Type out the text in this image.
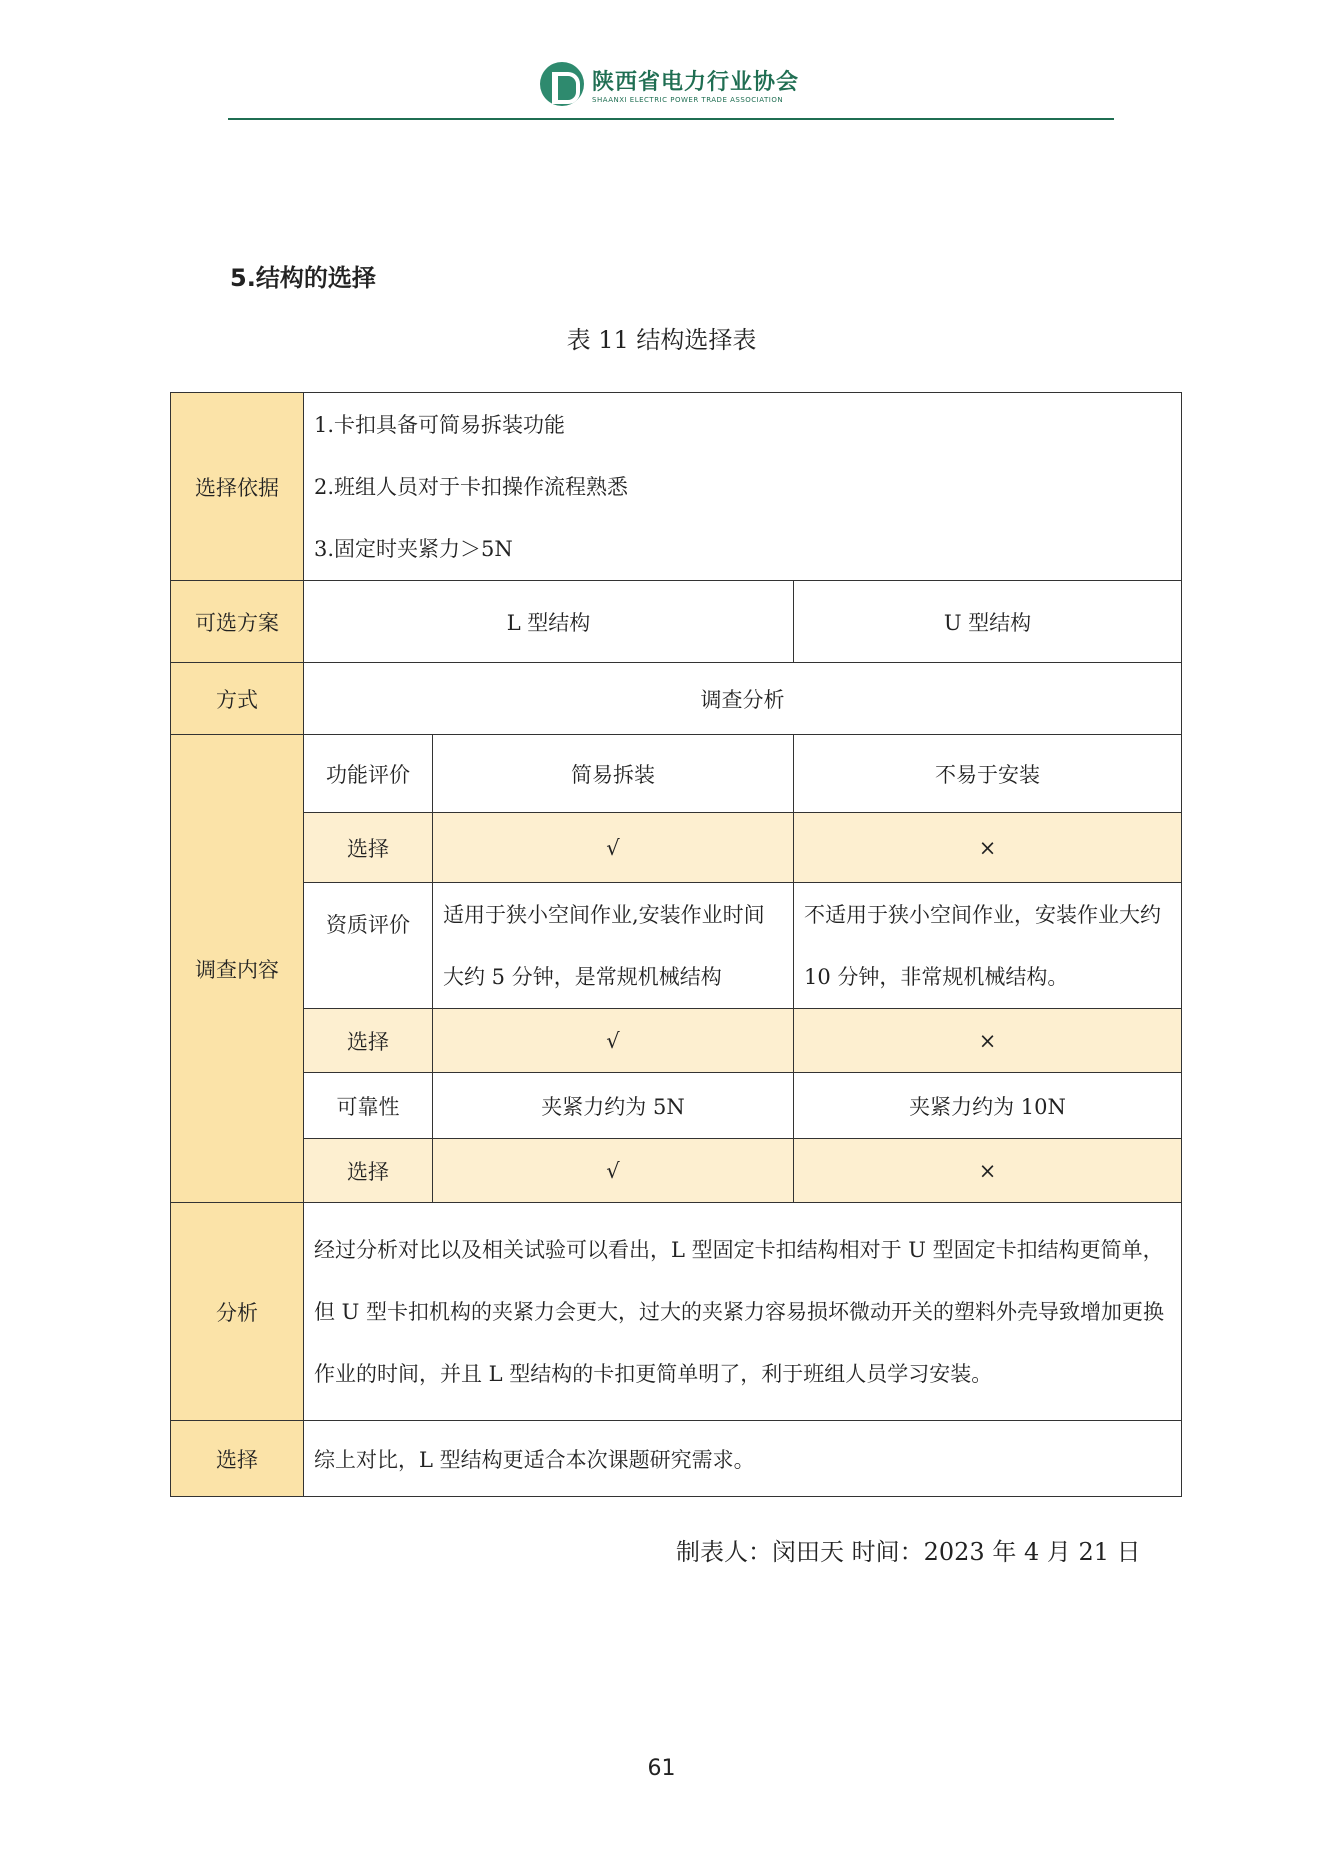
陕西省电力行业协会
SHAANXI ELECTRIC POWER TRADE ASSOCIATION
5.结构的选择
表 11 结构选择表
选择依据	1.卡扣具备可简易拆装功能
2.班组人员对于卡扣操作流程熟悉
3.固定时夹紧力＞5N		

可选方案	L 型结构		U 型结构
方式	调查分析		
调查内容	功能评价	简易拆装	不易于安装
	选择	√	×
	资质评价	适用于狭小空间作业,安装作业时间大约 5 分钟，是常规机械结构	不适用于狭小空间作业，安装作业大约 10 分钟，非常规机械结构。
	选择	√	×
	可靠性	夹紧力约为 5N	夹紧力约为 10N
	选择	√	×
分析	经过分析对比以及相关试验可以看出，L 型固定卡扣结构相对于 U 型固定卡扣结构更简单，但 U 型卡扣机构的夹紧力会更大，过大的夹紧力容易损坏微动开关的塑料外壳导致增加更换作业的时间，并且 L 型结构的卡扣更简单明了，利于班组人员学习安装。		
选择	综上对比，L 型结构更适合本次课题研究需求。		
制表人：闵田天 时间：2023 年 4 月 21 日
61
